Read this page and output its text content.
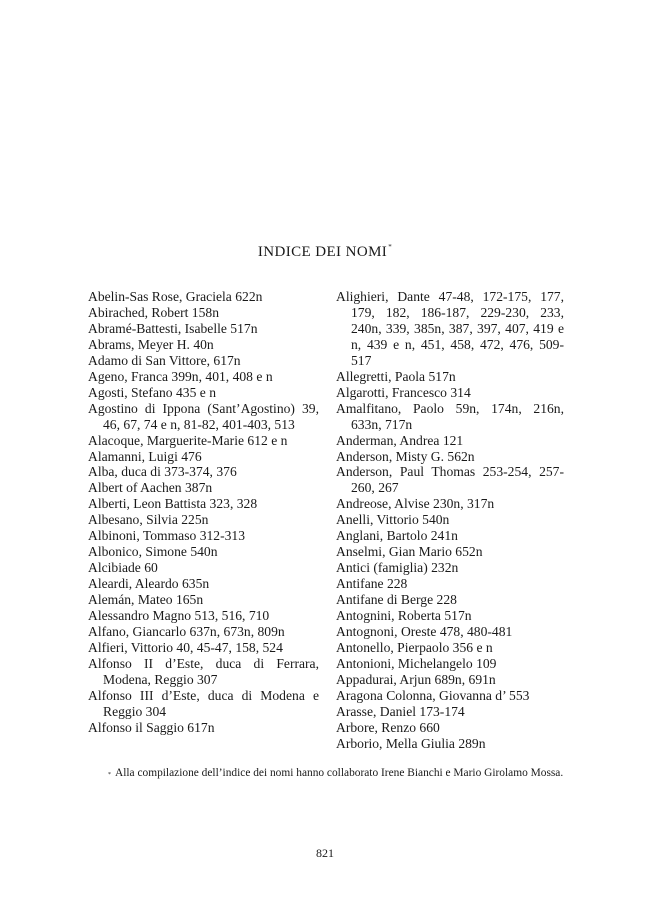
INDICE DEI NOMI*
Abelin-Sas Rose, Graciela 622n
Abirached, Robert 158n
Abramé-Battesti, Isabelle 517n
Abrams, Meyer H. 40n
Adamo di San Vittore, 617n
Ageno, Franca 399n, 401, 408 e n
Agosti, Stefano 435 e n
Agostino di Ippona (Sant’Agostino) 39, 46, 67, 74 e n, 81-82, 401-403, 513
Alacoque, Marguerite-Marie 612 e n
Alamanni, Luigi 476
Alba, duca di 373-374, 376
Albert of Aachen 387n
Alberti, Leon Battista 323, 328
Albesano, Silvia 225n
Albinoni, Tommaso 312-313
Albonico, Simone 540n
Alcibiade 60
Aleardi, Aleardo 635n
Alemán, Mateo 165n
Alessandro Magno 513, 516, 710
Alfano, Giancarlo 637n, 673n, 809n
Alfieri, Vittorio 40, 45-47, 158, 524
Alfonso II d’Este, duca di Ferrara, Modena, Reggio 307
Alfonso III d’Este, duca di Modena e Reggio 304
Alfonso il Saggio 617n
Alighieri, Dante 47-48, 172-175, 177, 179, 182, 186-187, 229-230, 233, 240n, 339, 385n, 387, 397, 407, 419 e n, 439 e n, 451, 458, 472, 476, 509-517
Allegretti, Paola 517n
Algarotti, Francesco 314
Amalfitano, Paolo 59n, 174n, 216n, 633n, 717n
Anderman, Andrea 121
Anderson, Misty G. 562n
Anderson, Paul Thomas 253-254, 257-260, 267
Andreose, Alvise 230n, 317n
Anelli, Vittorio 540n
Anglani, Bartolo 241n
Anselmi, Gian Mario 652n
Antici (famiglia) 232n
Antifane 228
Antifane di Berge 228
Antognini, Roberta 517n
Antognoni, Oreste 478, 480-481
Antonello, Pierpaolo 356 e n
Antonioni, Michelangelo 109
Appadurai, Arjun 689n, 691n
Aragona Colonna, Giovanna d’ 553
Arasse, Daniel 173-174
Arbore, Renzo 660
Arborio, Mella Giulia 289n
* Alla compilazione dell’indice dei nomi hanno collaborato Irene Bianchi e Mario Girolamo Mossa.
821
